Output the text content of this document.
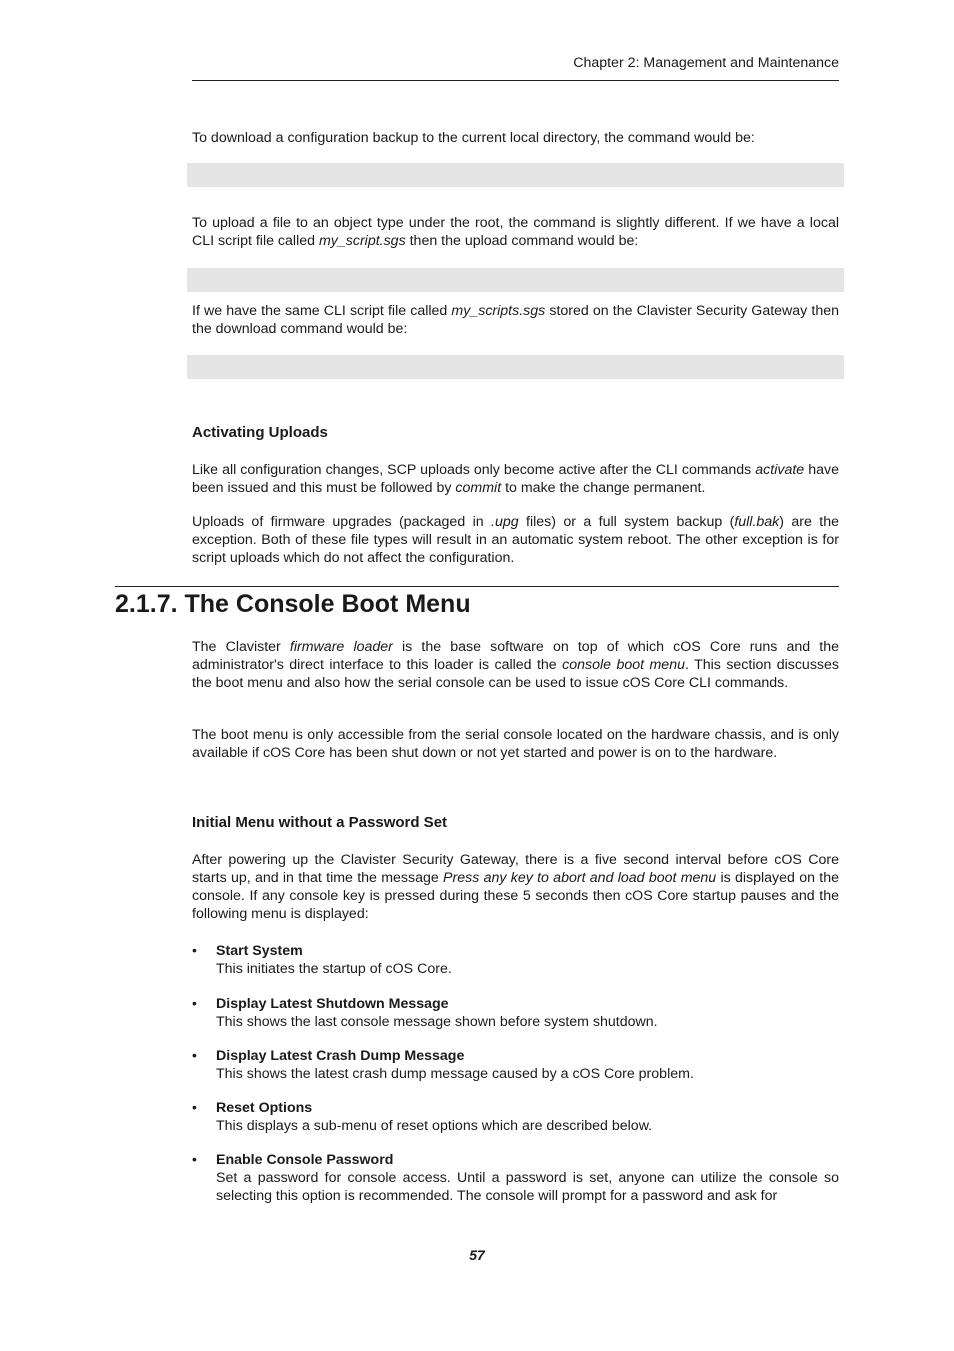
Chapter 2: Management and Maintenance
To download a configuration backup to the current local directory, the command would be:
To upload a file to an object type under the root, the command is slightly different. If we have a local CLI script file called my_script.sgs then the upload command would be:
If we have the same CLI script file called my_scripts.sgs stored on the Clavister Security Gateway then the download command would be:
Activating Uploads
Like all configuration changes, SCP uploads only become active after the CLI commands activate have been issued and this must be followed by commit to make the change permanent.
Uploads of firmware upgrades (packaged in .upg files) or a full system backup (full.bak) are the exception. Both of these file types will result in an automatic system reboot. The other exception is for script uploads which do not affect the configuration.
2.1.7. The Console Boot Menu
The Clavister firmware loader is the base software on top of which cOS Core runs and the administrator's direct interface to this loader is called the console boot menu. This section discusses the boot menu and also how the serial console can be used to issue cOS Core CLI commands.
The boot menu is only accessible from the serial console located on the hardware chassis, and is only available if cOS Core has been shut down or not yet started and power is on to the hardware.
Initial Menu without a Password Set
After powering up the Clavister Security Gateway, there is a five second interval before cOS Core starts up, and in that time the message Press any key to abort and load boot menu is displayed on the console. If any console key is pressed during these 5 seconds then cOS Core startup pauses and the following menu is displayed:
• Start System
This initiates the startup of cOS Core.
• Display Latest Shutdown Message
This shows the last console message shown before system shutdown.
• Display Latest Crash Dump Message
This shows the latest crash dump message caused by a cOS Core problem.
• Reset Options
This displays a sub-menu of reset options which are described below.
• Enable Console Password
Set a password for console access. Until a password is set, anyone can utilize the console so selecting this option is recommended. The console will prompt for a password and ask for
57
